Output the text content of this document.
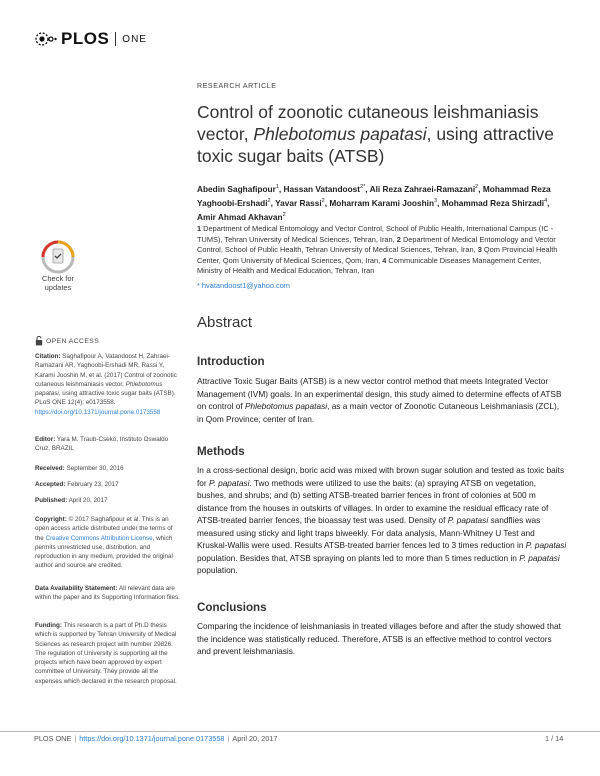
PLOS ONE
RESEARCH ARTICLE
Control of zoonotic cutaneous leishmaniasis vector, Phlebotomus papatasi, using attractive toxic sugar baits (ATSB)
Abedin Saghafipour$^1$, Hassan Vatandoost$^{2*}$, Ali Reza Zahraei-Ramazani$^2$, Mohammad Reza Yaghoobi-Ershadi$^2$, Yavar Rassi$^2$, Moharram Karami Jooshin$^3$, Mohammad Reza Shirzadi$^4$, Amir Ahmad Akhavan$^2$
1 Department of Medical Entomology and Vector Control, School of Public Health, International Campus (IC -TUMS), Tehran University of Medical Sciences, Tehran, Iran, 2 Department of Medical Entomology and Vector Control, School of Public Health, Tehran University of Medical Sciences, Tehran, Iran, 3 Qom Provincial Health Center, Qom University of Medical Sciences, Qom, Iran, 4 Communicable Diseases Management Center, Ministry of Health and Medical Education, Tehran, Iran
* hvatandoost1@yahoo.com
Check for updates
OPEN ACCESS
Citation: Saghafipour A, Vatandoost H, Zahraei-Ramazani AR, Yaghoobi-Ershadi MR, Rassi Y, Karami Jooshin M, et al. (2017) Control of zoonotic cutaneous leishmaniasis vector, Phlebotomus papatasi, using attractive toxic sugar baits (ATSB). PLoS ONE 12(4): e0173558. https://doi.org/10.1371/journal.pone.0173558
Editor: Yara M. Traub-Csekö, Instituto Oswaldo Cruz, BRAZIL
Received: September 30, 2016
Accepted: February 23, 2017
Published: April 20, 2017
Copyright: © 2017 Saghafipour et al. This is an open access article distributed under the terms of the Creative Commons Attribution License, which permits unrestricted use, distribution, and reproduction in any medium, provided the original author and source are credited.
Data Availability Statement: All relevant data are within the paper and its Supporting Information files.
Funding: This research is a part of Ph.D thesis which is supported by Tehran University of Medical Sciences as research project with number 29826. The regulation of University is supporting all the projects which have been approved by expert committee of University. They provide all the expenses which declared in the research proposal.
Abstract
Introduction
Attractive Toxic Sugar Baits (ATSB) is a new vector control method that meets Integrated Vector Management (IVM) goals. In an experimental design, this study aimed to determine effects of ATSB on control of Phlebotomus papatasi, as a main vector of Zoonotic Cutaneous Leishmaniasis (ZCL), in Qom Province, center of Iran.
Methods
In a cross-sectional design, boric acid was mixed with brown sugar solution and tested as toxic baits for P. papatasi. Two methods were utilized to use the baits: (a) spraying ATSB on vegetation, bushes, and shrubs; and (b) setting ATSB-treated barrier fences in front of colonies at 500 m distance from the houses in outskirts of villages. In order to examine the residual efficacy rate of ATSB-treated barrier fences, the bioassay test was used. Density of P. papatasi sandflies was measured using sticky and light traps biweekly. For data analysis, Mann-Whitney U Test and Kruskal-Wallis were used. Results ATSB-treated barrier fences led to 3 times reduction in P. papatasi population. Besides that, ATSB spraying on plants led to more than 5 times reduction in P. papatasi population.
Conclusions
Comparing the incidence of leishmaniasis in treated villages before and after the study showed that the incidence was statistically reduced. Therefore, ATSB is an effective method to control vectors and prevent leishmaniasis.
PLOS ONE | https://doi.org/10.1371/journal.pone.0173558 | April 20, 2017	1 / 14
